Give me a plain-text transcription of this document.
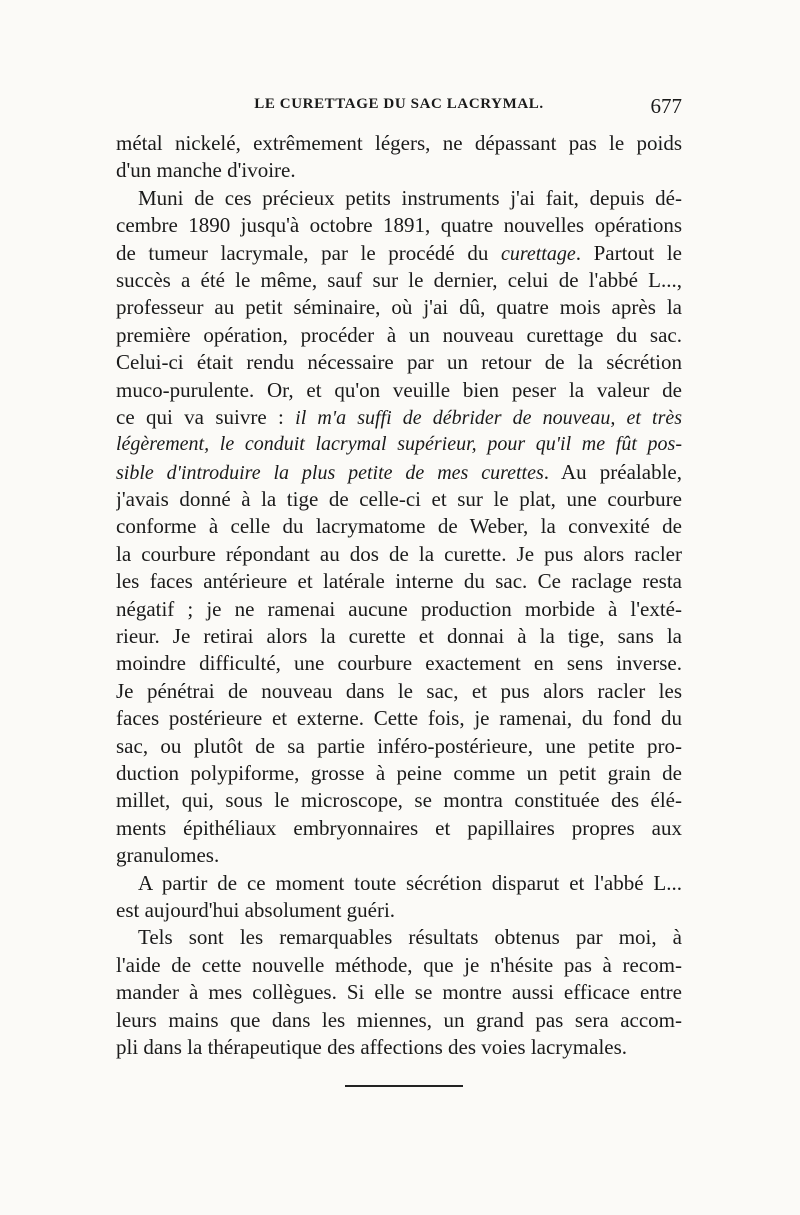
LE CURETTAGE DU SAC LACRYMAL.	677
métal nickelé, extrêmement légers, ne dépassant pas le poids
d'un manche d'ivoire.
Muni de ces précieux petits instruments j'ai fait, depuis dé-
cembre 1890 jusqu'à octobre 1891, quatre nouvelles opérations
de tumeur lacrymale, par le procédé du curettage. Partout le
succès a été le même, sauf sur le dernier, celui de l'abbé L...,
professeur au petit séminaire, où j'ai dû, quatre mois après la
première opération, procéder à un nouveau curettage du sac.
Celui-ci était rendu nécessaire par un retour de la sécrétion
muco-purulente. Or, et qu'on veuille bien peser la valeur de
ce qui va suivre : il m'a suffi de débrider de nouveau, et très
légèrement, le conduit lacrymal supérieur, pour qu'il me fût pos-
sible d'introduire la plus petite de mes curettes. Au préalable,
j'avais donné à la tige de celle-ci et sur le plat, une courbure
conforme à celle du lacrymatome de Weber, la convexité de
la courbure répondant au dos de la curette. Je pus alors racler
les faces antérieure et latérale interne du sac. Ce raclage resta
négatif ; je ne ramenai aucune production morbide à l'exté-
rieur. Je retirai alors la curette et donnai à la tige, sans la
moindre difficulté, une courbure exactement en sens inverse.
Je pénétrai de nouveau dans le sac, et pus alors racler les
faces postérieure et externe. Cette fois, je ramenai, du fond du
sac, ou plutôt de sa partie inféro-postérieure, une petite pro-
duction polypiforme, grosse à peine comme un petit grain de
millet, qui, sous le microscope, se montra constituée des élé-
ments épithéliaux embryonnaires et papillaires propres aux
granulomes.
A partir de ce moment toute sécrétion disparut et l'abbé L...
est aujourd'hui absolument guéri.
Tels sont les remarquables résultats obtenus par moi, à
l'aide de cette nouvelle méthode, que je n'hésite pas à recom-
mander à mes collègues. Si elle se montre aussi efficace entre
leurs mains que dans les miennes, un grand pas sera accom-
pli dans la thérapeutique des affections des voies lacrymales.
